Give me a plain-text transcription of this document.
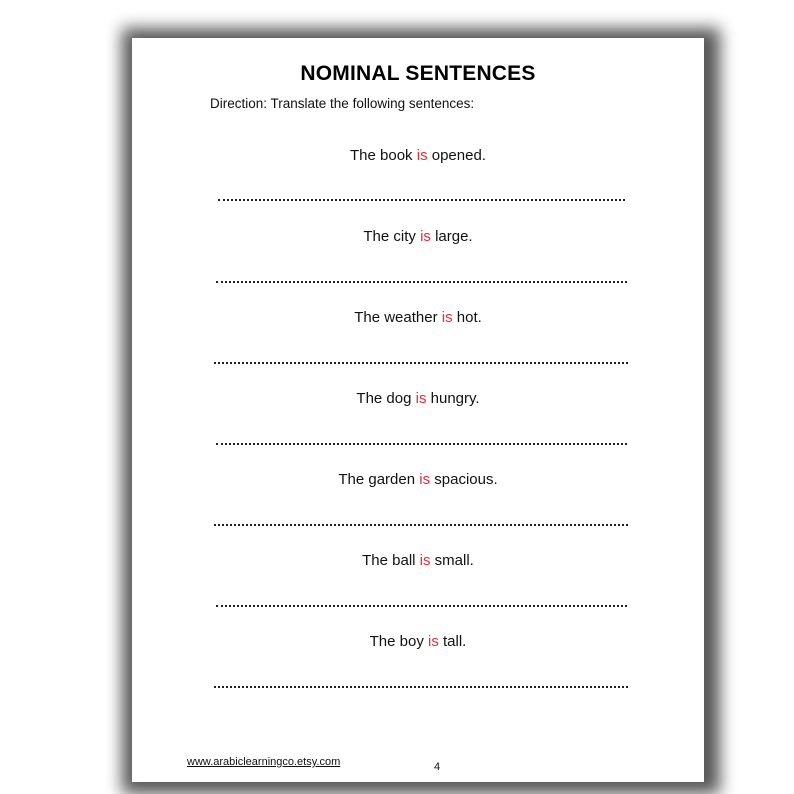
NOMINAL SENTENCES
Direction: Translate the following sentences:
The book is opened.
The city is large.
The weather is hot.
The dog is hungry.
The garden is spacious.
The ball is small.
The boy is tall.
www.arabiclearningco.etsy.com	4
